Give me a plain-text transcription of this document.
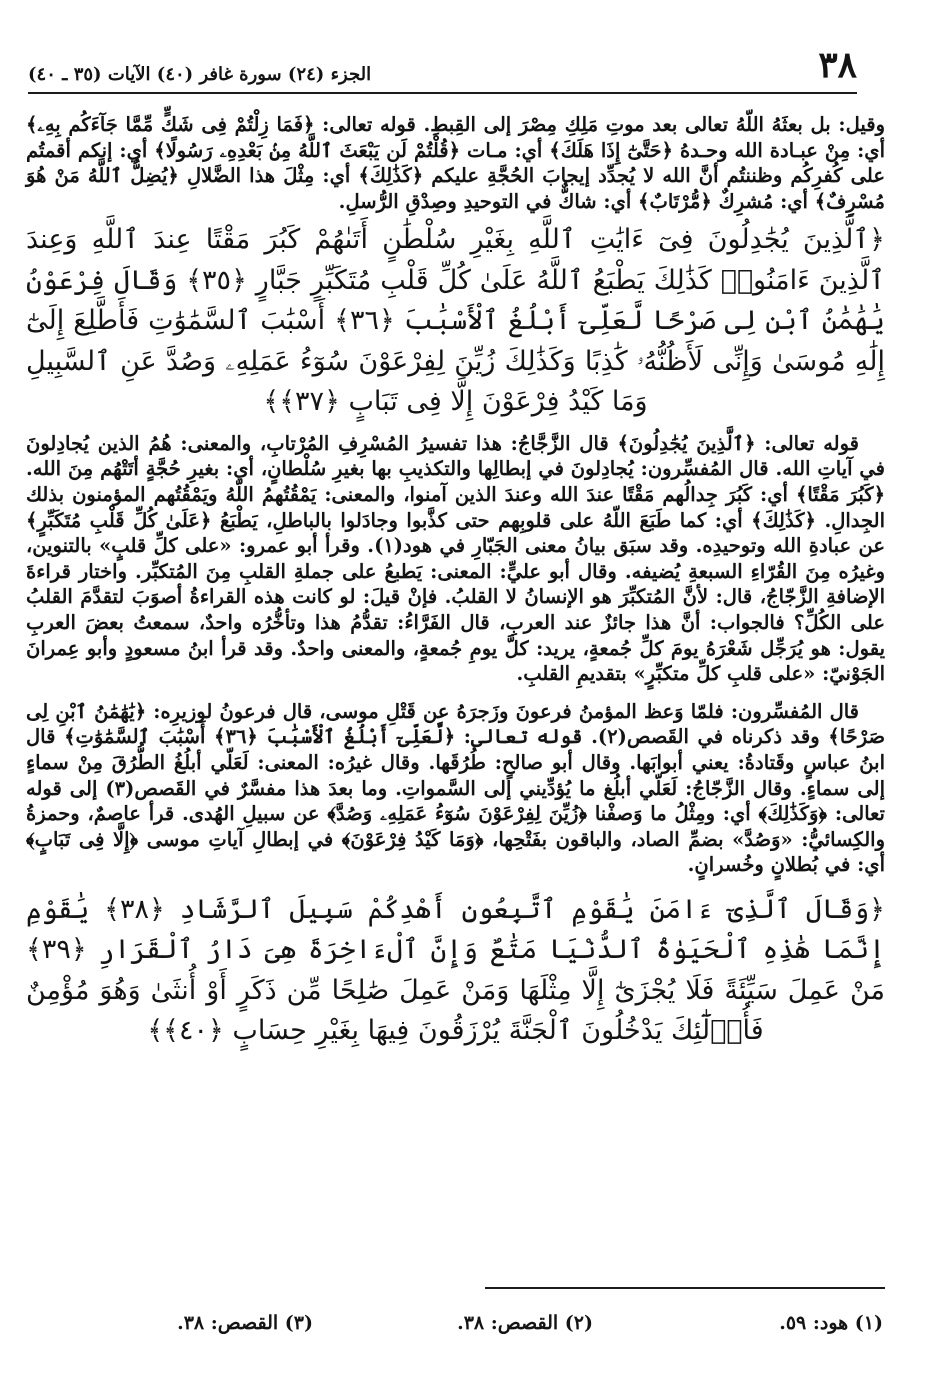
٣٨
الجزء (٢٤) سورة غافر (٤٠) الآيات (٣٥ ـ ٤٠)

وقيل: بل بعثَهُ اللّهُ تعالى بعد موتِ مَلِكِ مِصْرَ إلى القِبطِ. قوله تعالى: ﴿فَمَا زِلْتُمْ فِى شَكٍّ مِّمَّا جَآءَكُم بِهِۦ﴾ أي: مِنْ عبـادة الله وحـدهُ ﴿حَتَّىٰٓ إِذَا هَلَكَ﴾ أي: مـات ﴿قُلْتُمْ لَن يَبْعَثَ ٱللَّهُ مِنۢ بَعْدِهِۦ رَسُولًا﴾ أي: إنكم أقمتُم على كُفرِكُم وظننتُم أنَّ الله لا يُجدِّد إيجابَ الحُجَّةِ عليكم ﴿كَذَٰلِكَ﴾ أي: مِثْلَ هذا الضَّلالِ ﴿يُضِلُّ ٱللَّهُ مَنْ هُوَ مُسْرِفٌ﴾ أي: مُشرِكٌ ﴿مُّرْتَابٌ﴾ أي: شاكٌّ في التوحيدِ وصِدْقِ الرُّسلِ.

﴿ٱلَّذِينَ يُجَٰدِلُونَ فِىٓ ءَايَٰتِ ٱللَّهِ بِغَيْرِ سُلْطَٰنٍ أَتَىٰهُمْ كَبُرَ مَقْتًا عِندَ ٱللَّهِ وَعِندَ ٱلَّذِينَ ءَامَنُوا۟ كَذَٰلِكَ يَطْبَعُ ٱللَّهُ عَلَىٰ كُلِّ قَلْبِ مُتَكَبِّرٍ جَبَّارٍ ﴿٣٥﴾ وَقَالَ فِرْعَوْنُ يَٰهَٰمَٰنُ ٱبْنِ لِى صَرْحًا لَّعَلِّىٓ أَبْلُغُ ٱلْأَسْبَٰبَ ﴿٣٦﴾ أَسْبَٰبَ ٱلسَّمَٰوَٰتِ فَأَطَّلِعَ إِلَىٰٓ إِلَٰهِ مُوسَىٰ وَإِنِّى لَأَظُنُّهُۥ كَٰذِبًا وَكَذَٰلِكَ زُيِّنَ لِفِرْعَوْنَ سُوٓءُ عَمَلِهِۦ وَصُدَّ عَنِ ٱلسَّبِيلِ وَمَا كَيْدُ فِرْعَوْنَ إِلَّا فِى تَبَابٍ ﴿٣٧﴾﴾

قوله تعالى: ﴿ٱلَّذِينَ يُجَٰدِلُونَ﴾ قال الزَّجَّاجُ: هذا تفسيرُ المُسْرِفِ المُرْتابِ، والمعنى: هُمُ الذين يُجادِلونَ في آياتِ الله. قال المُفسِّرون: يُجادِلونَ في إبطالِها والتكذيبِ بها بغيرِ سُلْطانٍ، أي: بغيرِ حُجَّةٍ أتَتْهُم مِنَ الله. ﴿كَبُرَ مَقْتًا﴾ أي: كَبُرَ جِدالُهم مَقْتًا عندَ الله وعندَ الذين آمنوا، والمعنى: يَمْقُتُهمُ اللّهُ ويَمْقُتُهم المؤمنون بذلك الجِدالِ. ﴿كَذَٰلِكَ﴾ أي: كما طَبَعَ اللّهُ على قلوبِهم حتى كذَّبوا وجادَلوا بالباطلِ، يَطْبَعُ ﴿عَلَىٰ كُلِّ قَلْبِ مُتَكَبِّرٍ﴾ عن عبادةِ الله وتوحيدِه. وقد سبَق بيانُ معنى الجَبّارِ في هود(١). وقرأ أبو عمرو: «على كلِّ قلبٍ» بالتنوين، وغيرُه مِنَ القُرّاءِ السبعةِ يُضيفه. وقال أبو عليٍّ: المعنى: يَطبعُ على جملةِ القلبِ مِنَ المُتكبِّر. واختار قراءةَ الإضافةِ الزَّجّاجُ، قال: لأنَّ المُتكبِّرَ هو الإنسانُ لا القلبُ. فإنْ قيلَ: لو كانت هذه القراءةُ أصوَبَ لتقدَّمَ القلبُ على الكُلِّ؟ فالجواب: أنَّ هذا جائزٌ عند العربِ، قال الفَرَّاءُ: تقدُّمُ هذا وتأخُّرُه واحدٌ، سمعتُ بعضَ العربِ يقول: هو يُرَجِّل شَعْرَهُ يومَ كلِّ جُمعةٍ، يريد: كلَّ يومِ جُمعةٍ، والمعنى واحدٌ. وقد قرأ ابنُ مسعودٍ وأبو عِمرانَ الجَوْنيّ: «على قلبِ كلِّ متكبِّرٍ» بتقديمِ القلبِ.

قال المُفسِّرون: فلمّا وَعظ المؤمنُ فرعونَ وزَجرَهُ عن قَتْلِ موسى، قال فرعونُ لوزيرِه: ﴿يَٰهَٰمَٰنُ ٱبْنِ لِى صَرْحًا﴾ وقد ذكرناه في القَصص(٢). قوله تعالى: ﴿لَّعَلِّىٓ أَبْلُغُ ٱلْأَسْبَٰبَ ﴿٣٦﴾ أَسْبَٰبَ ٱلسَّمَٰوَٰتِ﴾ قال ابنُ عباسٍ وقَتادةُ: يعني أبوابَها. وقال أبو صالحٍ: طُرُقَها. وقال غيرُه: المعنى: لَعَلّي أبلُغُ الطُّرُقَ مِنْ سماءٍ إلى سماءٍ. وقال الزَّجّاجُ: لَعَلّي أبلُغ ما يُؤدِّيني إلى السَّمواتِ. وما بعدَ هذا مفسَّرٌ في القَصص(٣) إلى قوله تعالى: ﴿وَكَذَٰلِكَ﴾ أي: ومِثْلُ ما وَصفْنا ﴿زُيِّنَ لِفِرْعَوْنَ سُوٓءُ عَمَلِهِۦ وَصُدَّ﴾ عن سبيلِ الهُدى. قرأ عاصمٌ، وحمزةُ والكِسائيُّ: «وَصُدَّ» بضمِّ الصاد، والباقون بفَتْحِها، ﴿وَمَا كَيْدُ فِرْعَوْنَ﴾ في إبطالِ آياتِ موسى ﴿إِلَّا فِى تَبَابٍ﴾ أي: في بُطلانٍ وخُسرانٍ.

﴿وَقَالَ ٱلَّذِىٓ ءَامَنَ يَٰقَوْمِ ٱتَّبِعُونِ أَهْدِكُمْ سَبِيلَ ٱلرَّشَادِ ﴿٣٨﴾ يَٰقَوْمِ إِنَّمَا هَٰذِهِ ٱلْحَيَوٰةُ ٱلدُّنْيَا مَتَٰعٌ وَإِنَّ ٱلْءَاخِرَةَ هِىَ دَارُ ٱلْقَرَارِ ﴿٣٩﴾ مَنْ عَمِلَ سَيِّئَةً فَلَا يُجْزَىٰٓ إِلَّا مِثْلَهَا وَمَنْ عَمِلَ صَٰلِحًا مِّن ذَكَرٍ أَوْ أُنثَىٰ وَهُوَ مُؤْمِنٌ فَأُو۟لَٰٓئِكَ يَدْخُلُونَ ٱلْجَنَّةَ يُرْزَقُونَ فِيهَا بِغَيْرِ حِسَابٍ ﴿٤٠﴾﴾

(١) هود: ٥٩.
(٢) القصص: ٣٨.
(٣) القصص: ٣٨.
